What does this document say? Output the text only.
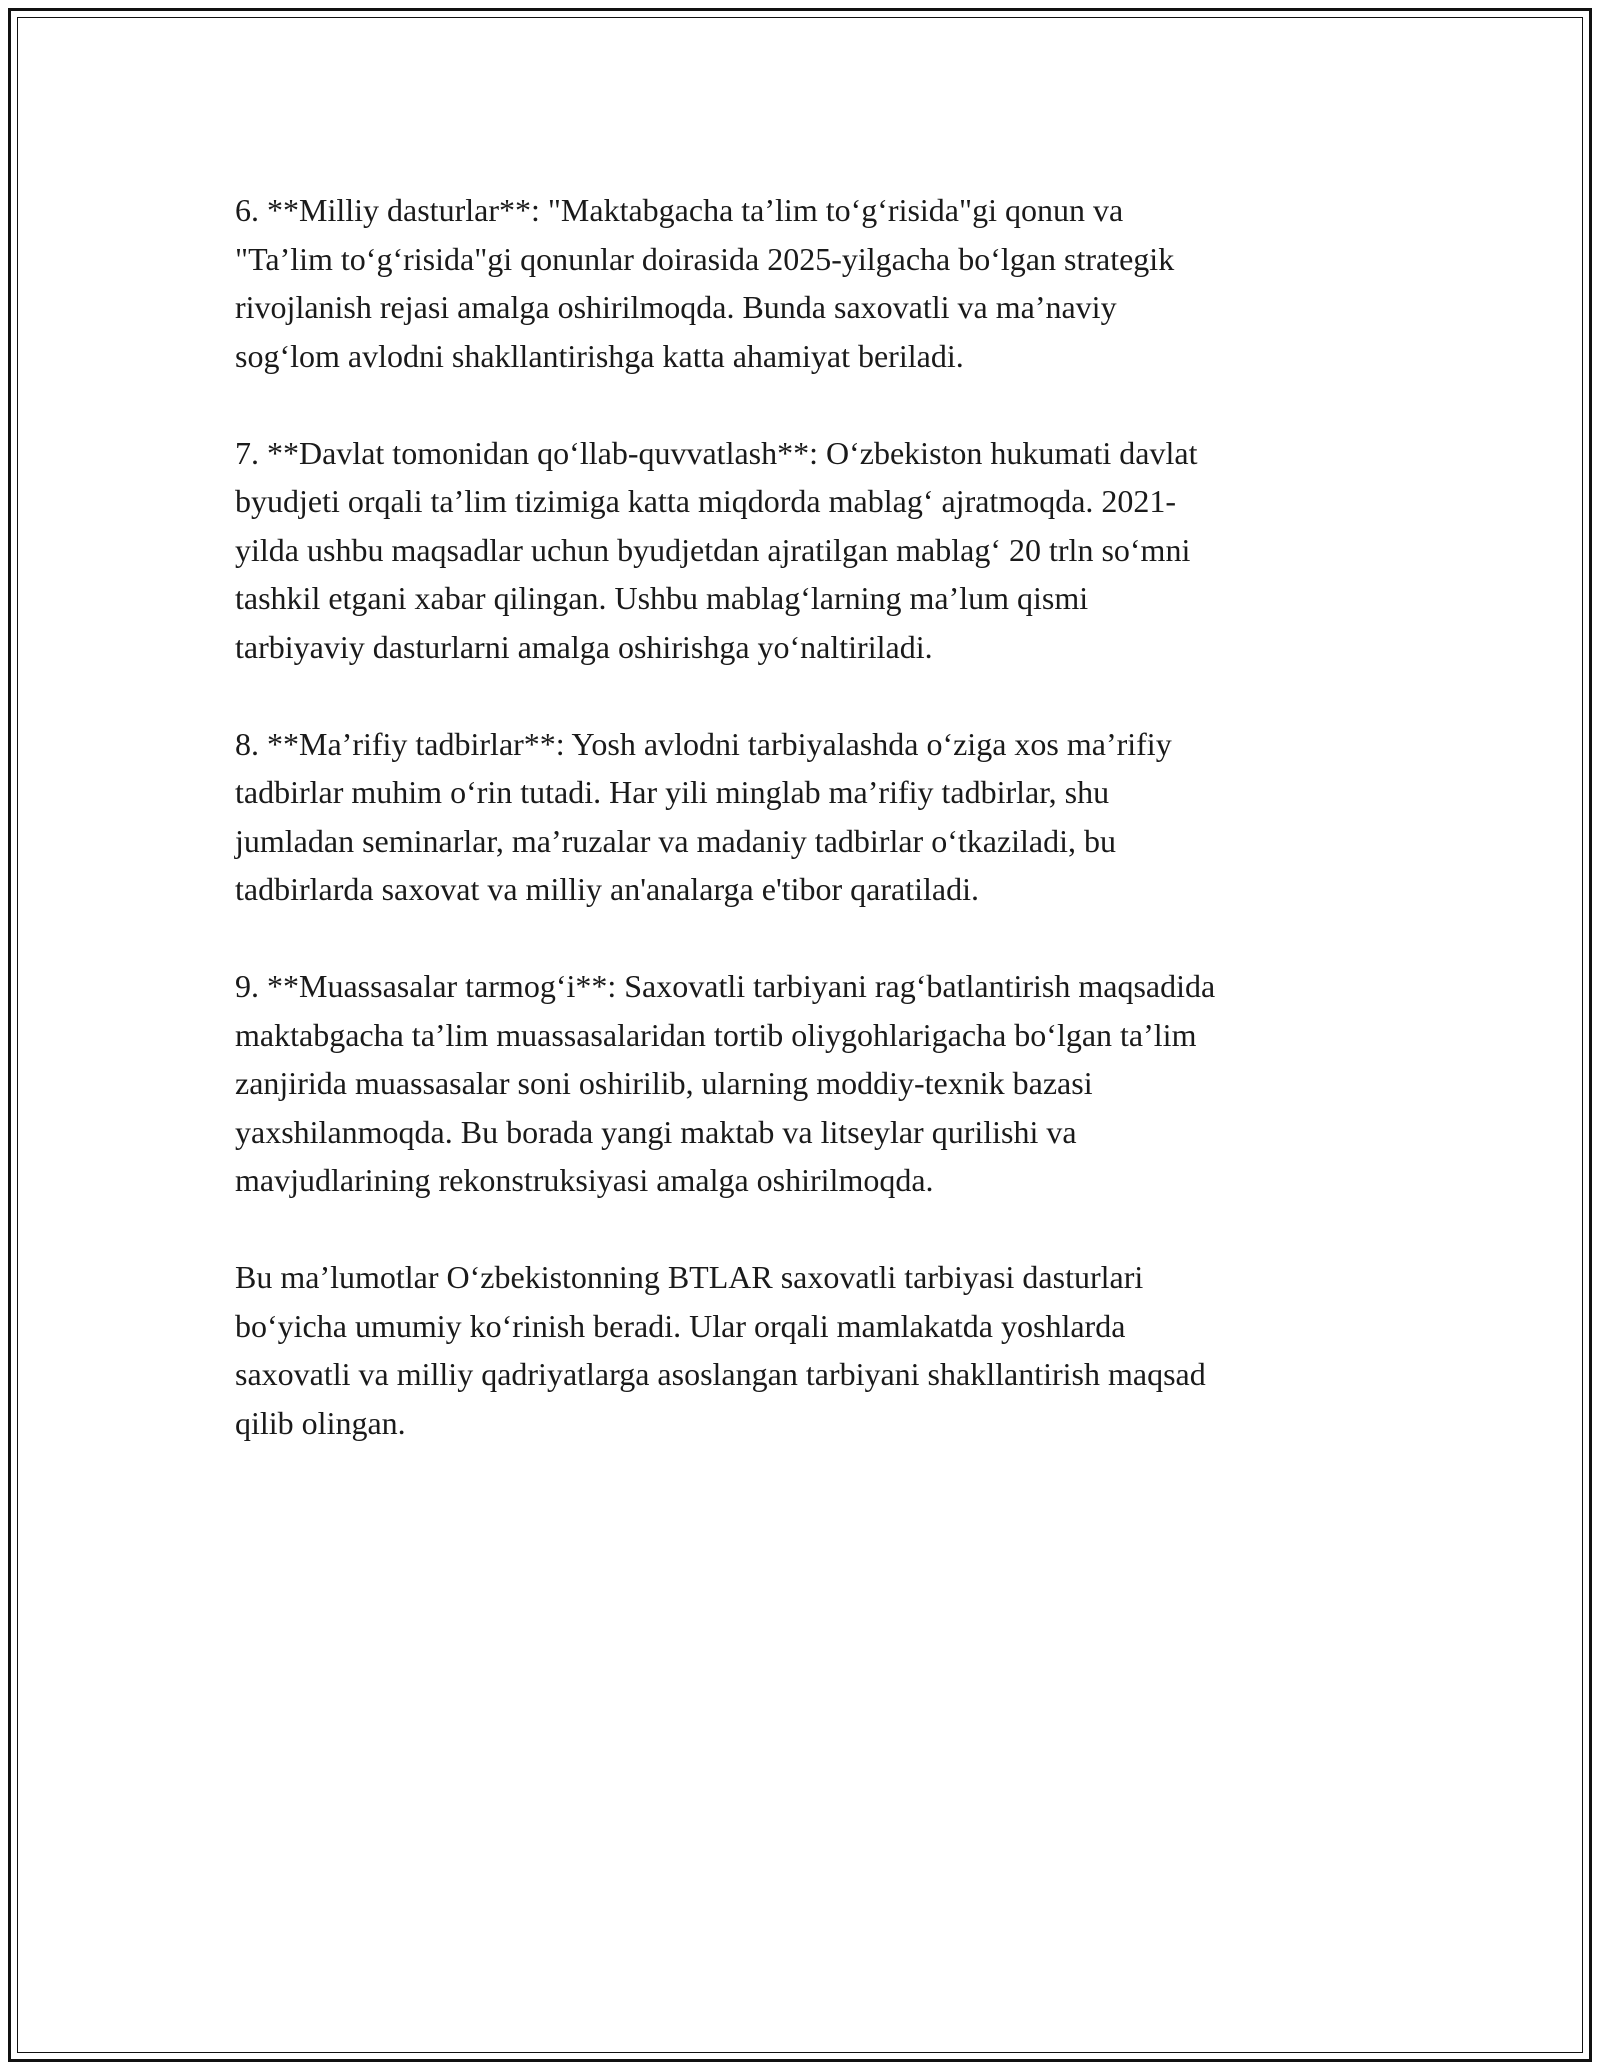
6. **Milliy dasturlar**: "Maktabgacha ta’lim to‘g‘risida"gi qonun va
"Ta’lim to‘g‘risida"gi qonunlar doirasida 2025-yilgacha bo‘lgan strategik
rivojlanish rejasi amalga oshirilmoqda. Bunda saxovatli va ma’naviy
sog‘lom avlodni shakllantirishga katta ahamiyat beriladi.
7. **Davlat tomonidan qo‘llab-quvvatlash**: O‘zbekiston hukumati davlat
byudjeti orqali ta’lim tizimiga katta miqdorda mablag‘ ajratmoqda. 2021-
yilda ushbu maqsadlar uchun byudjetdan ajratilgan mablag‘ 20 trln so‘mni
tashkil etgani xabar qilingan. Ushbu mablag‘larning ma’lum qismi
tarbiyaviy dasturlarni amalga oshirishga yo‘naltiriladi.
8. **Ma’rifiy tadbirlar**: Yosh avlodni tarbiyalashda o‘ziga xos ma’rifiy
tadbirlar muhim o‘rin tutadi. Har yili minglab ma’rifiy tadbirlar, shu
jumladan seminarlar, ma’ruzalar va madaniy tadbirlar o‘tkaziladi, bu
tadbirlarda saxovat va milliy an'analarga e'tibor qaratiladi.
9. **Muassasalar tarmog‘i**: Saxovatli tarbiyani rag‘batlantirish maqsadida
maktabgacha ta’lim muassasalaridan tortib oliygohlarigacha bo‘lgan ta’lim
zanjirida muassasalar soni oshirilib, ularning moddiy-texnik bazasi
yaxshilanmoqda. Bu borada yangi maktab va litseylar qurilishi va
mavjudlarining rekonstruksiyasi amalga oshirilmoqda.
Bu ma’lumotlar O‘zbekistonning BTLAR saxovatli tarbiyasi dasturlari
bo‘yicha umumiy ko‘rinish beradi. Ular orqali mamlakatda yoshlarda
saxovatli va milliy qadriyatlarga asoslangan tarbiyani shakllantirish maqsad
qilib olingan.
